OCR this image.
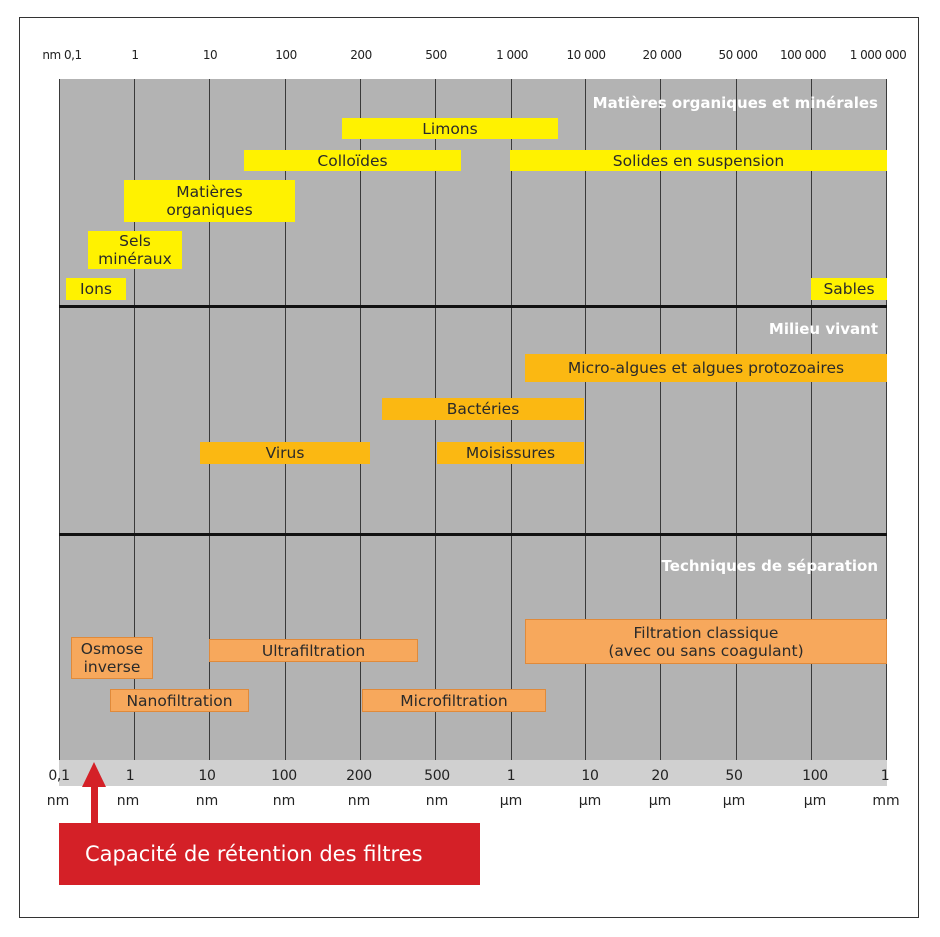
nm 0,1	1	10	100	200	500	1 000	10 000	20 000	50 000 100 000 1 000 000
Matières organiques et minérales
Milieu vivant
Techniques de séparation
Limons
Colloïdes	Solides en suspension
Matières
organiques
Sels
minéraux
Ions	Sables
Micro-algues et algues protozoaires
Bactéries
Virus	Moisissures
Osmose
inverse
Ultrafiltration
Filtration classique
(avec ou sans coagulant)
Nanofiltration	Microfiltration
0,1	1	10	100	200	500	1	10	20	50	100	1
nm	nm	nm	nm	nm	nm	µm	µm	µm	µm	µm	mm
Capacité de rétention des filtres
